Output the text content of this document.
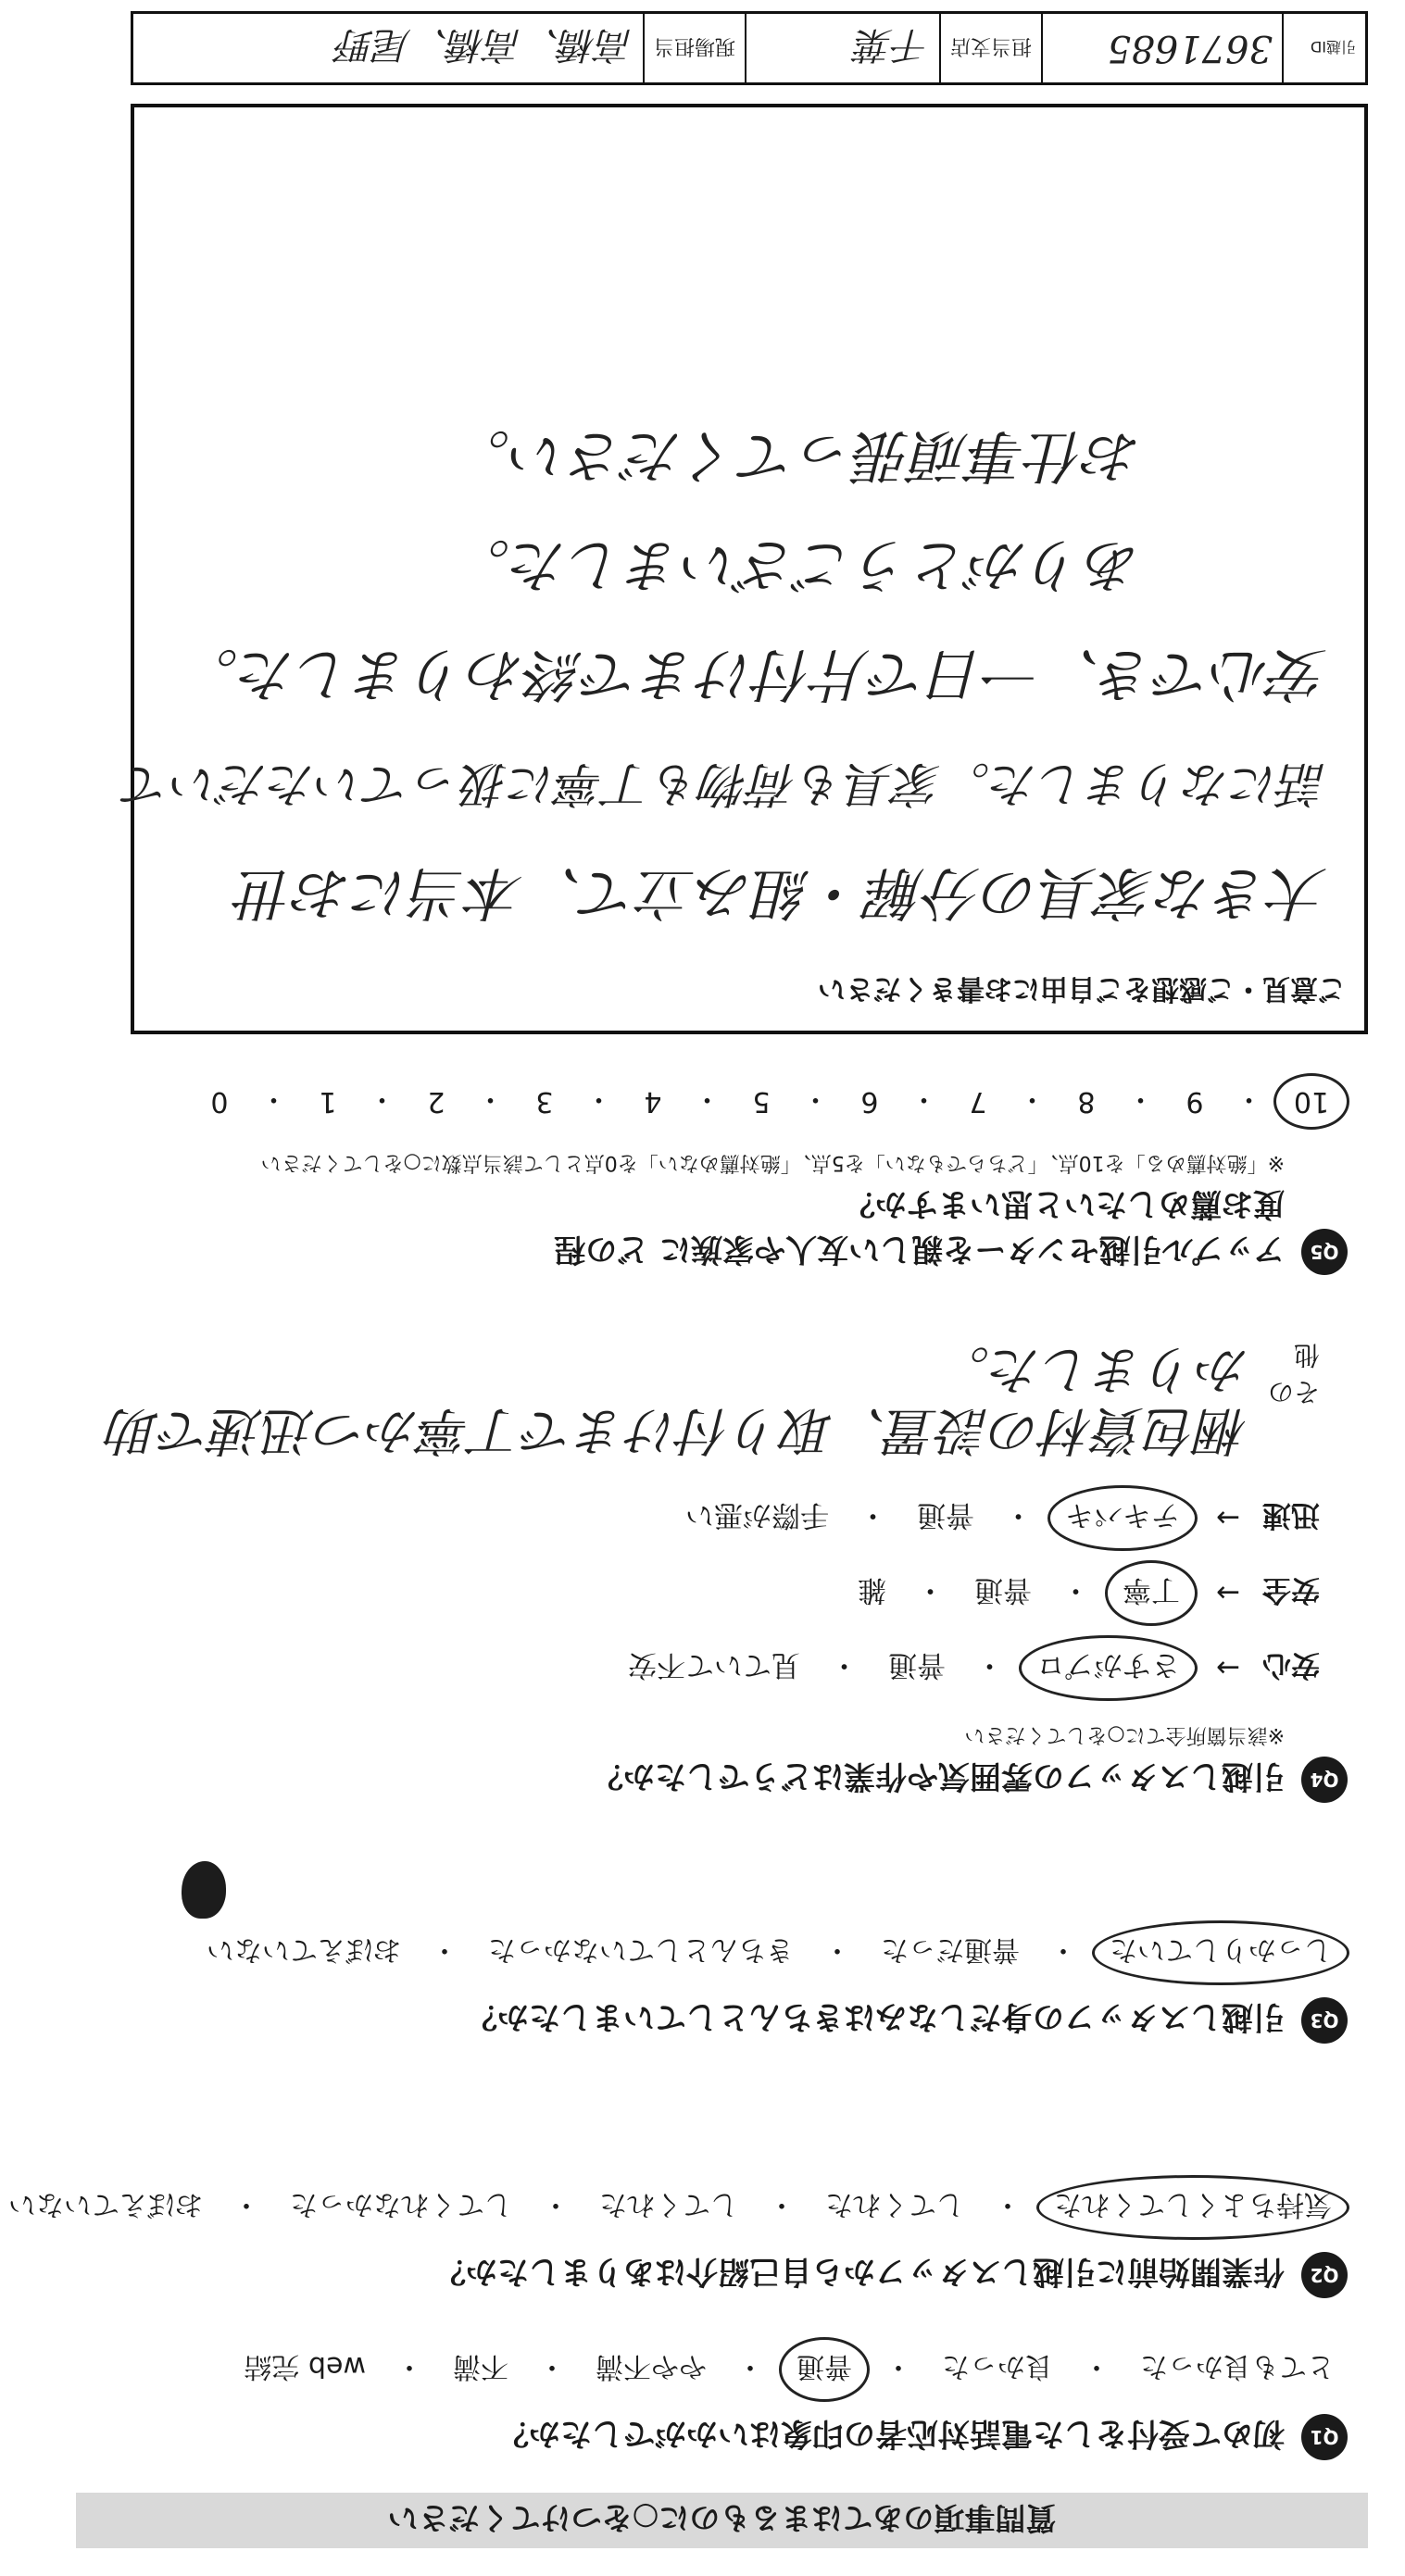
質問事項のあてはまるものに○をつけてください
Q1
初めて受付をした電話対応者の印象はいかがでしたか？
とても良かった
・
良かった
・
普通
・
やや不満
・
不満
・
web 完結
Q2
作業開始前に引越しスタッフから自己紹介はありましたか？
気持ちよくしてくれた
・
してくれた
・
してくれた
・
してくれなかった
・
おぼえていない
Q3
引越しスタッフの身だしなみはきちんとしていましたか？
しっかりしていた
・
普通だった
・
きちんとしていなかった
・
おぼえていない
Q4
引越しスタッフの雰囲気や作業はどうでしたか？
※該当箇所全てに○をしてください
安心
→
さすがプロ
・
普通
・
見ていて不安
安全
→
丁寧
・
普通
・
雑
迅速
→
テキパキ
・
普通
・
手際が悪い
その他
梱包資材の設置、取り付けまで丁寧かつ迅速で助かりました。
Q5
アップル引越センターを親しい友人や家族に どの程度お薦めしたいと思いますか？
※「絶対薦める」を10点、「どちらでもない」を5点、「絶対薦めない」を0点として該当点数に○をしてください
10
・
9
・
8
・
7
・
6
・
5
・
4
・
3
・
2
・
1
・
0
ご意見・ご感想をご自由にお書きください
大きな家具の分解・組み立て、本当にお世
話になりました。家具も荷物も丁寧に扱っていただいて
安心でき、一日で片付けまで終わりました。
ありがとうございました。
お仕事頑張ってください。
引越ID
3671685
担当支店
千葉
現場担当
高橋、高橋、尾野
